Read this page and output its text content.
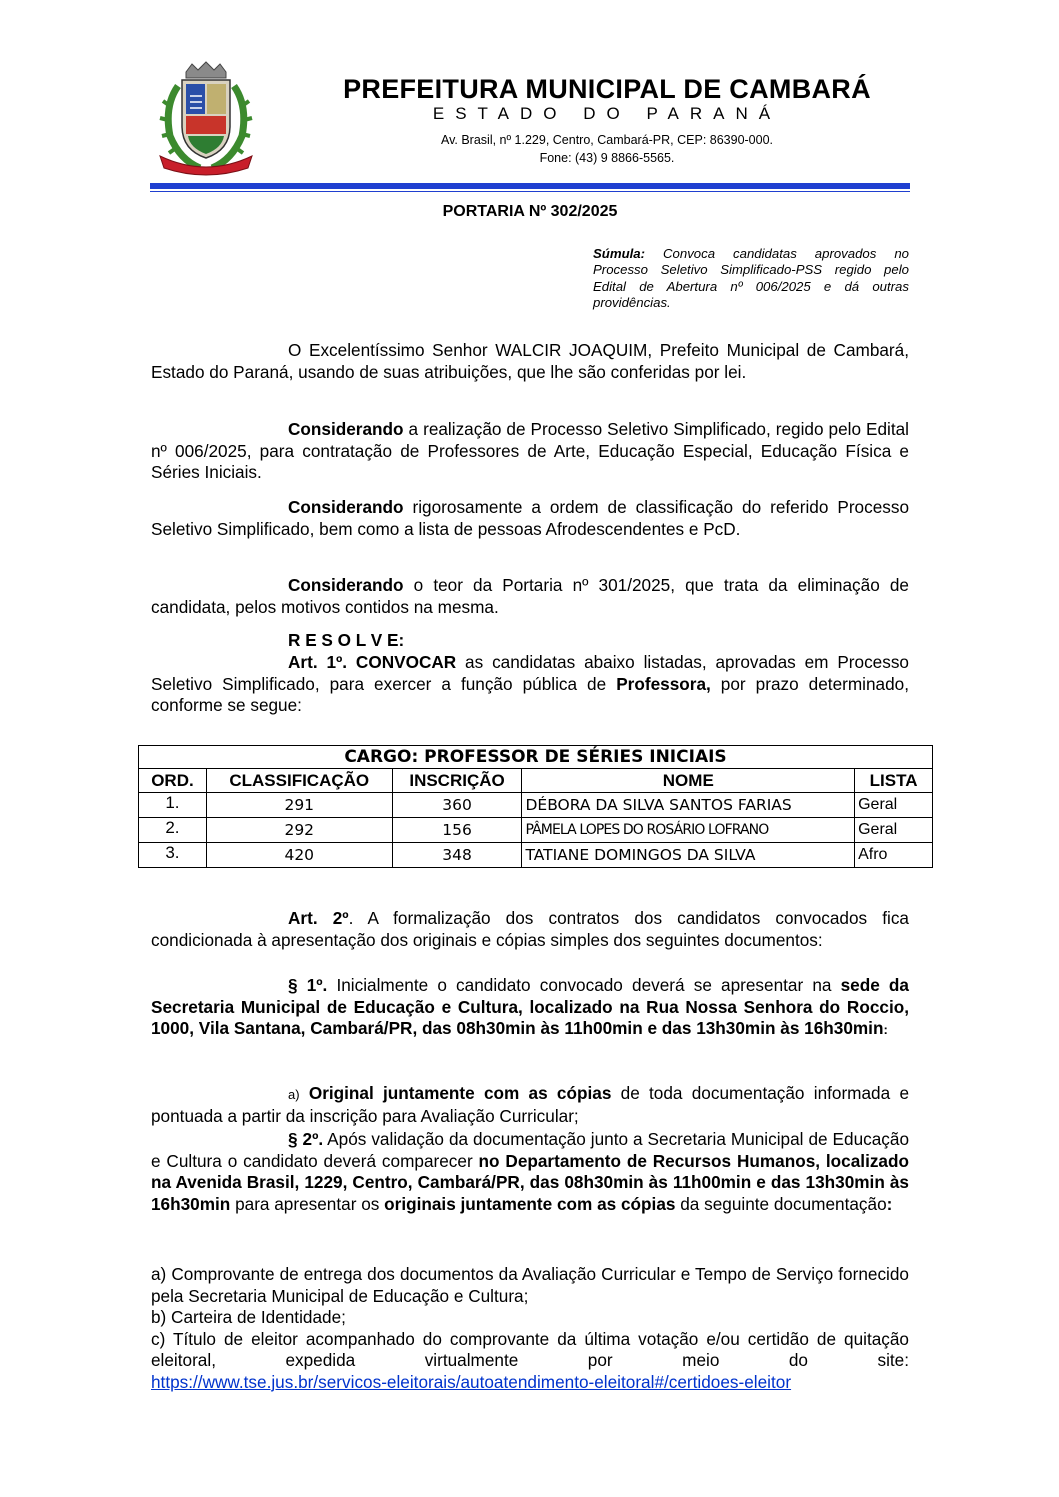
PREFEITURA MUNICIPAL DE CAMBARÁ
ESTADO DO PARANÁ
Av. Brasil, nº 1.229, Centro, Cambará-PR, CEP: 86390-000.
Fone: (43) 9 8866-5565.
PORTARIA Nº 302/2025
Súmula: Convoca candidatas aprovados no Processo Seletivo Simplificado-PSS regido pelo Edital de Abertura nº 006/2025 e dá outras providências.
O Excelentíssimo Senhor WALCIR JOAQUIM, Prefeito Municipal de Cambará, Estado do Paraná, usando de suas atribuições, que lhe são conferidas por lei.
Considerando a realização de Processo Seletivo Simplificado, regido pelo Edital nº 006/2025, para contratação de Professores de Arte, Educação Especial, Educação Física e Séries Iniciais.
Considerando rigorosamente a ordem de classificação do referido Processo Seletivo Simplificado, bem como a lista de pessoas Afrodescendentes e PcD.
Considerando o teor da Portaria nº 301/2025, que trata da eliminação de candidata, pelos motivos contidos na mesma.
R E S O L V E:
Art. 1º. CONVOCAR as candidatas abaixo listadas, aprovadas em Processo Seletivo Simplificado, para exercer a função pública de Professora, por prazo determinado, conforme se segue:
CARGO: PROFESSOR DE SÉRIES INICIAIS				
ORD.	CLASSIFICAÇÃO	INSCRIÇÃO	NOME	LISTA
1.	291	360	DÉBORA DA SILVA SANTOS FARIAS	Geral
2.	292	156	PÂMELA LOPES DO ROSÁRIO LOFRANO	Geral
3.	420	348	TATIANE DOMINGOS DA SILVA	Afro
Art. 2º. A formalização dos contratos dos candidatos convocados fica condicionada à apresentação dos originais e cópias simples dos seguintes documentos:
§ 1º. Inicialmente o candidato convocado deverá se apresentar na sede da Secretaria Municipal de Educação e Cultura, localizado na Rua Nossa Senhora do Roccio, 1000, Vila Santana, Cambará/PR, das 08h30min às 11h00min e das 13h30min às 16h30min:
a) Original juntamente com as cópias de toda documentação informada e pontuada a partir da inscrição para Avaliação Curricular;
§ 2º. Após validação da documentação junto a Secretaria Municipal de Educação e Cultura o candidato deverá comparecer no Departamento de Recursos Humanos, localizado na Avenida Brasil, 1229, Centro, Cambará/PR, das 08h30min às 11h00min e das 13h30min às 16h30min para apresentar os originais juntamente com as cópias da seguinte documentação:
a) Comprovante de entrega dos documentos da Avaliação Curricular e Tempo de Serviço fornecido pela Secretaria Municipal de Educação e Cultura;
b) Carteira de Identidade;
c) Título de eleitor acompanhado do comprovante da última votação e/ou certidão de quitação eleitoral, expedida virtualmente por meio do site:
https://www.tse.jus.br/servicos-eleitorais/autoatendimento-eleitoral#/certidoes-eleitor
